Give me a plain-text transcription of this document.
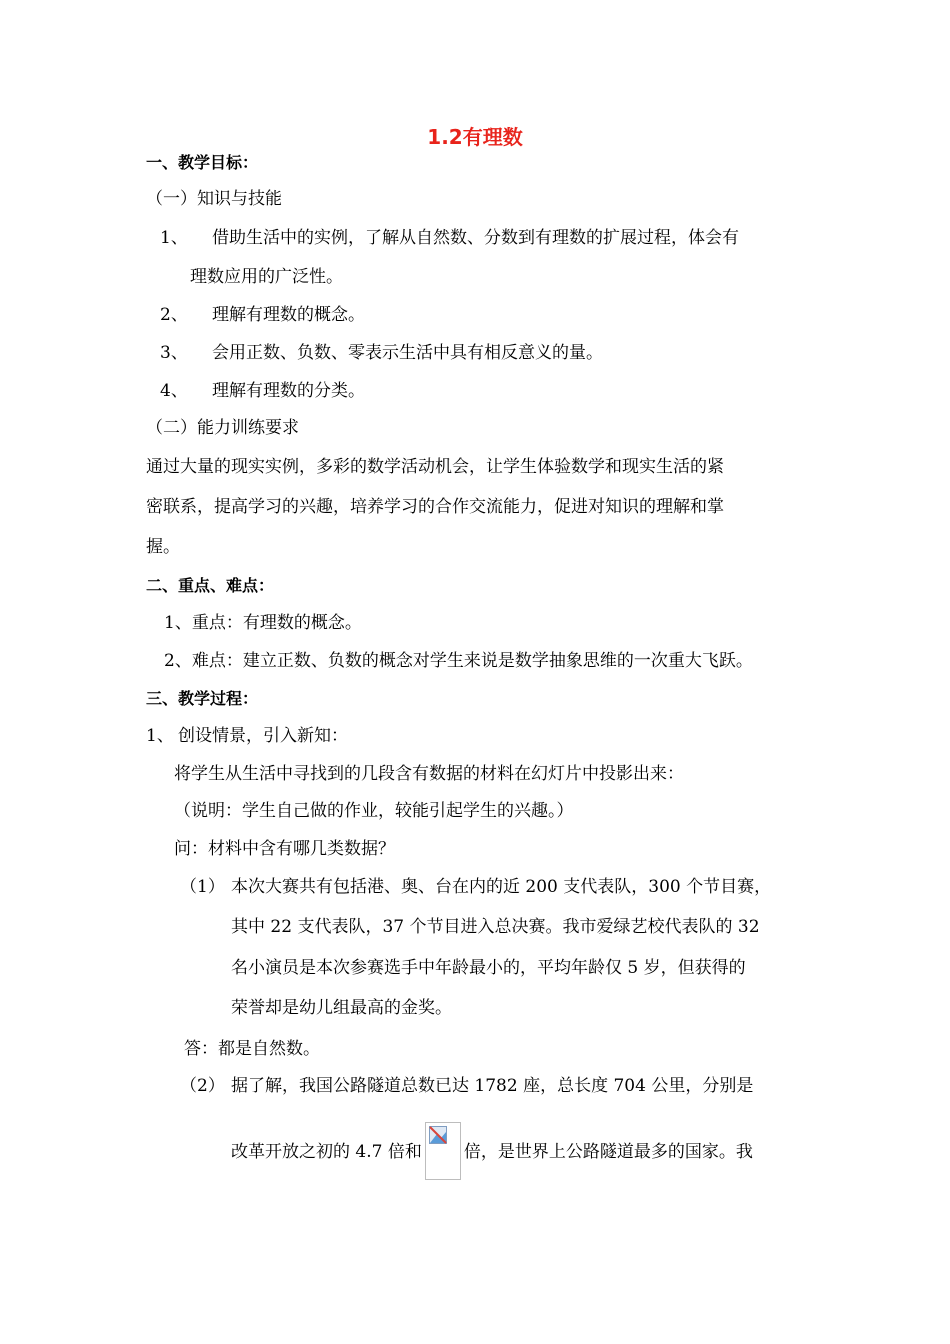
1.2有理数
一、教学目标：
（一）知识与技能
1、 借助生活中的实例，了解从自然数、分数到有理数的扩展过程，体会有
理数应用的广泛性。
2、 理解有理数的概念。
3、 会用正数、负数、零表示生活中具有相反意义的量。
4、 理解有理数的分类。
（二）能力训练要求
通过大量的现实实例，多彩的数学活动机会，让学生体验数学和现实生活的紧
密联系，提高学习的兴趣，培养学习的合作交流能力，促进对知识的理解和掌
握。
二、重点、难点：
1、重点：有理数的概念。
2、难点：建立正数、负数的概念对学生来说是数学抽象思维的一次重大飞跃。
三、教学过程：
1、 创设情景，引入新知：
将学生从生活中寻找到的几段含有数据的材料在幻灯片中投影出来：
（说明：学生自己做的作业，较能引起学生的兴趣。）
问：材料中含有哪几类数据？
（1） 本次大赛共有包括港、奥、台在内的近 200 支代表队，300 个节目赛，
其中 22 支代表队，37 个节目进入总决赛。我市爱绿艺校代表队的 32
名小演员是本次参赛选手中年龄最小的，平均年龄仅 5 岁，但获得的
荣誉却是幼儿组最高的金奖。
答：都是自然数。
（2） 据了解，我国公路隧道总数已达 1782 座，总长度 704 公里，分别是
改革开放之初的 4.7 倍和 倍，是世界上公路隧道最多的国家。我
